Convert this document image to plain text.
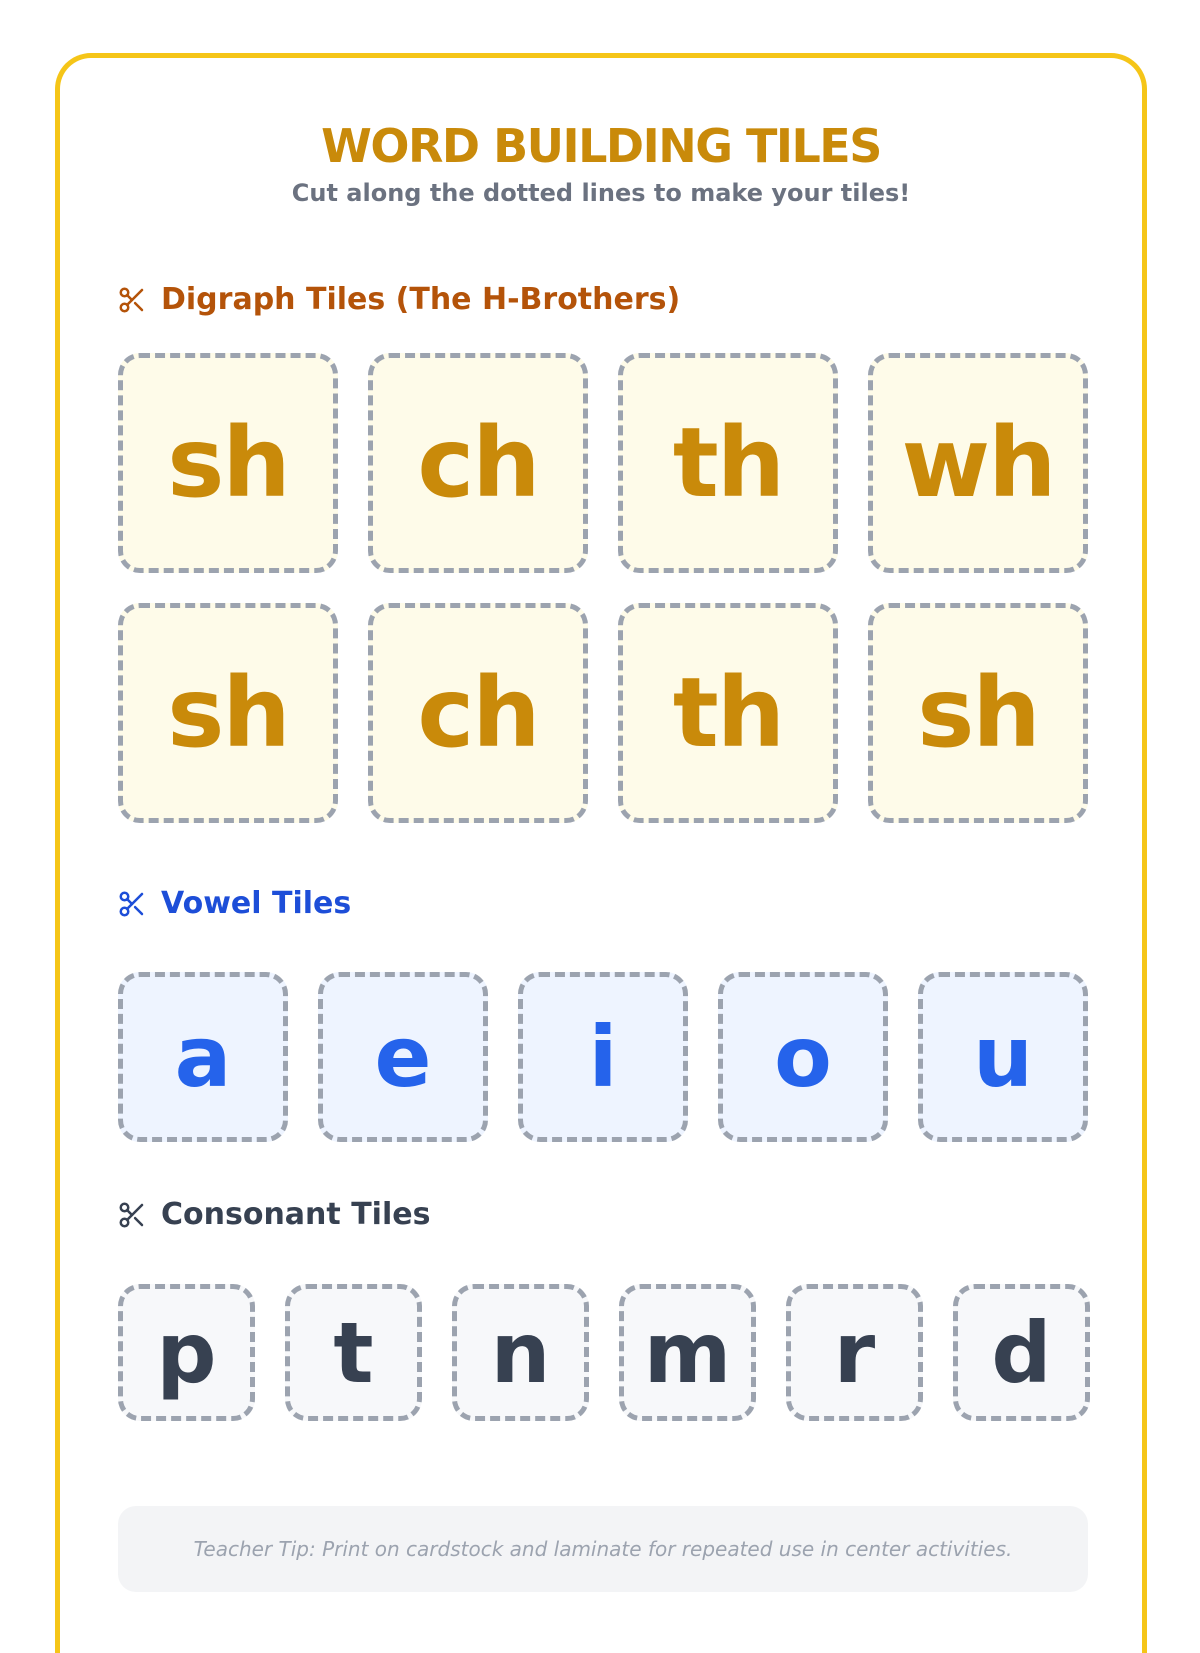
WORD BUILDING TILES
Cut along the dotted lines to make your tiles!
Digraph Tiles (The H-Brothers)
sh	ch	th	wh
sh	ch	th	sh
Vowel Tiles
a	e	i	o	u
Consonant Tiles
p	t	n	m	r	d
Teacher Tip: Print on cardstock and laminate for repeated use in center activities.
